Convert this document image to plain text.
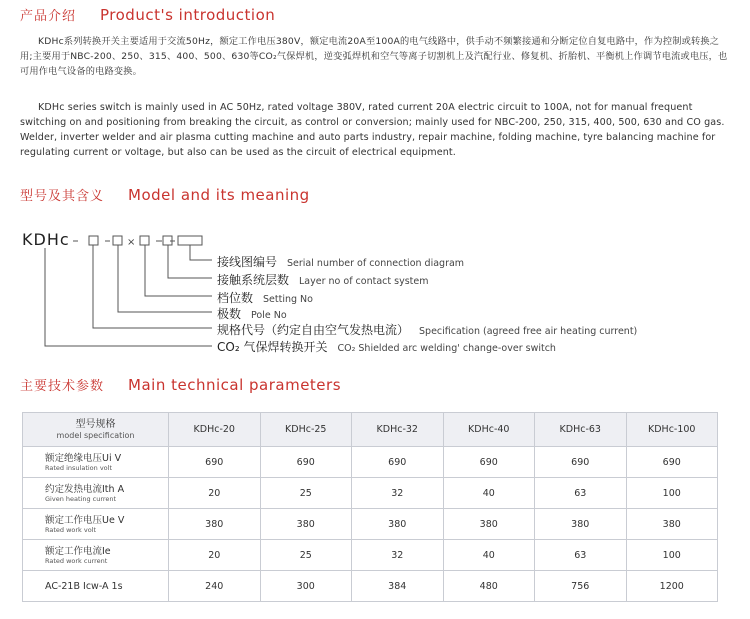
产品介绍 Product's introduction

KDHc系列转换开关主要适用于交流50Hz，额定工作电压380V，额定电流20A至100A的电气线路中，供手动不频繁接通和分断定位自复电路中，作为控制或转换之用;主要用于NBC-200、250、315、400、500、630等CO₂气保焊机，逆变弧焊机和空气等离子切割机上及汽配行业、修复机、折胎机、平衡机上作调节电流或电压，也可用作电气设备的电路变换。

KDHc series switch is mainly used in AC 50Hz, rated voltage 380V, rated current 20A electric circuit to 100A, not for manual frequent switching on and positioning from breaking the circuit, as control or conversion; mainly used for NBC-200, 250, 315, 400, 500, 630 and CO gas. Welder, inverter welder and air plasma cutting machine and auto parts industry, repair machine, folding machine, tyre balancing machine for regulating current or voltage, but also can be used as the circuit of electrical equipment.

型号及其含义 Model and its meaning
KDHc	×
接线图编号 Serial number of connection diagram
接触系统层数 Layer no of contact system
档位数 Setting No
极数 Pole No
规格代号（约定自由空气发热电流） Specification (agreed free air heating current)
CO₂ 气保焊转换开关 CO₂ Shielded arc welding' change-over switch
主要技术参数 Main technical parameters
型号规格
model specification	KDHc-20	KDHc-25	KDHc-32	KDHc-40	KDHc-63	KDHc-100

额定绝缘电压Ui V
Rated insulation volt	690	690	690	690	690	690

约定发热电流Ith A
Given heating current	20	25	32	40	63	100

额定工作电压Ue V
Rated work volt	380	380	380	380	380	380

额定工作电流Ie
Rated work current	20	25	32	40	63	100

AC-21B Icw-A 1s	240	300	384	480	756	1200
